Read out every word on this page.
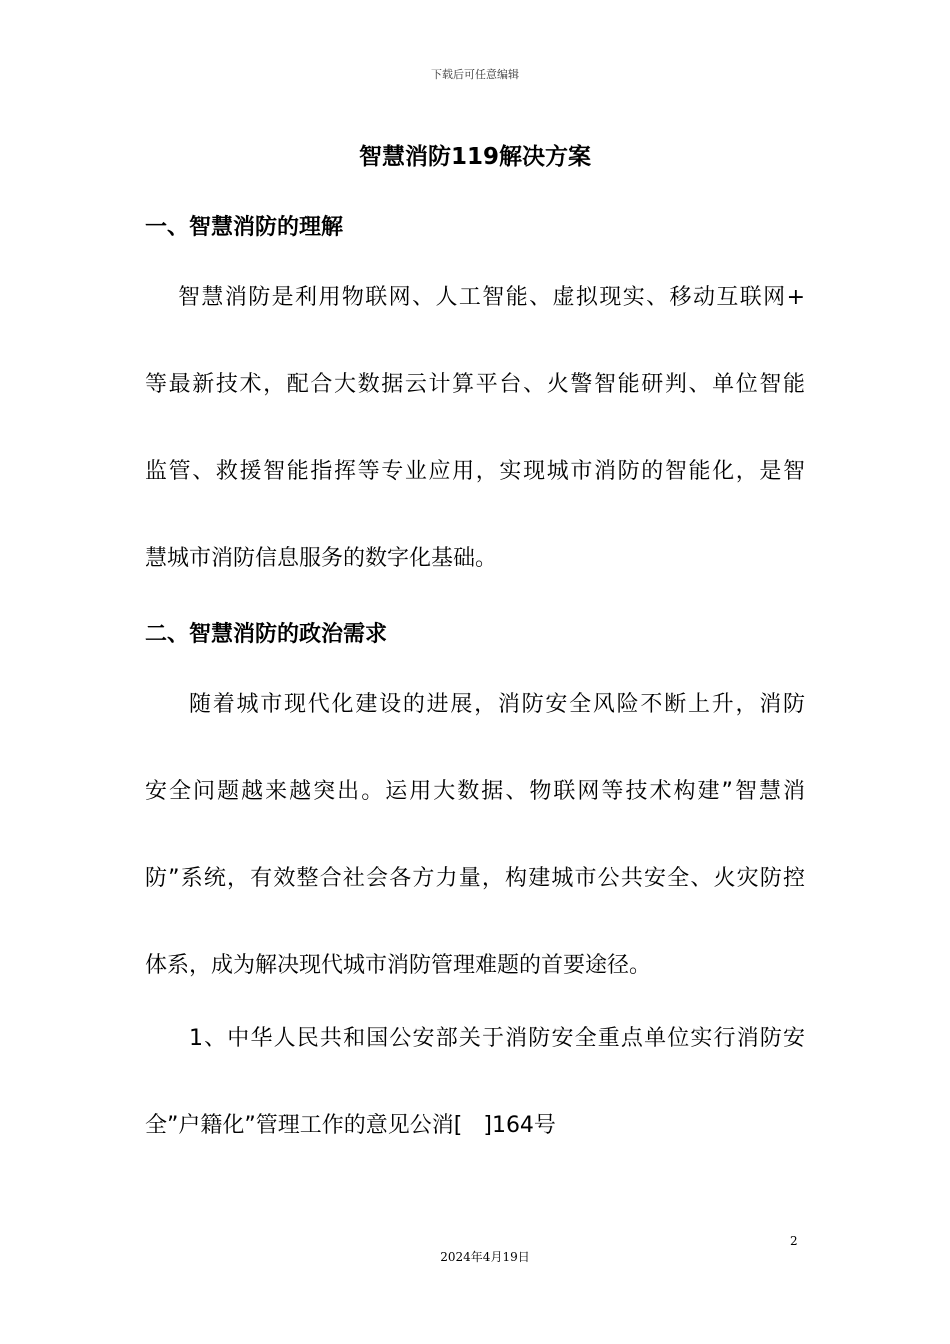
下载后可任意编辑
智慧消防119解决方案
一、智慧消防的理解
智慧消防是利用物联网、人工智能、虚拟现实、移动互联网+
等最新技术，配合大数据云计算平台、火警智能研判、单位智能
监管、救援智能指挥等专业应用，实现城市消防的智能化，是智
慧城市消防信息服务的数字化基础。
二、智慧消防的政治需求
随着城市现代化建设的进展，消防安全风险不断上升，消防
安全问题越来越突出。运用大数据、物联网等技术构建”智慧消
防”系统，有效整合社会各方力量，构建城市公共安全、火灾防控
体系，成为解决现代城市消防管理难题的首要途径。
1、中华人民共和国公安部关于消防安全重点单位实行消防安
全”户籍化”管理工作的意见公消[   ]164号
2
2024年4月19日
